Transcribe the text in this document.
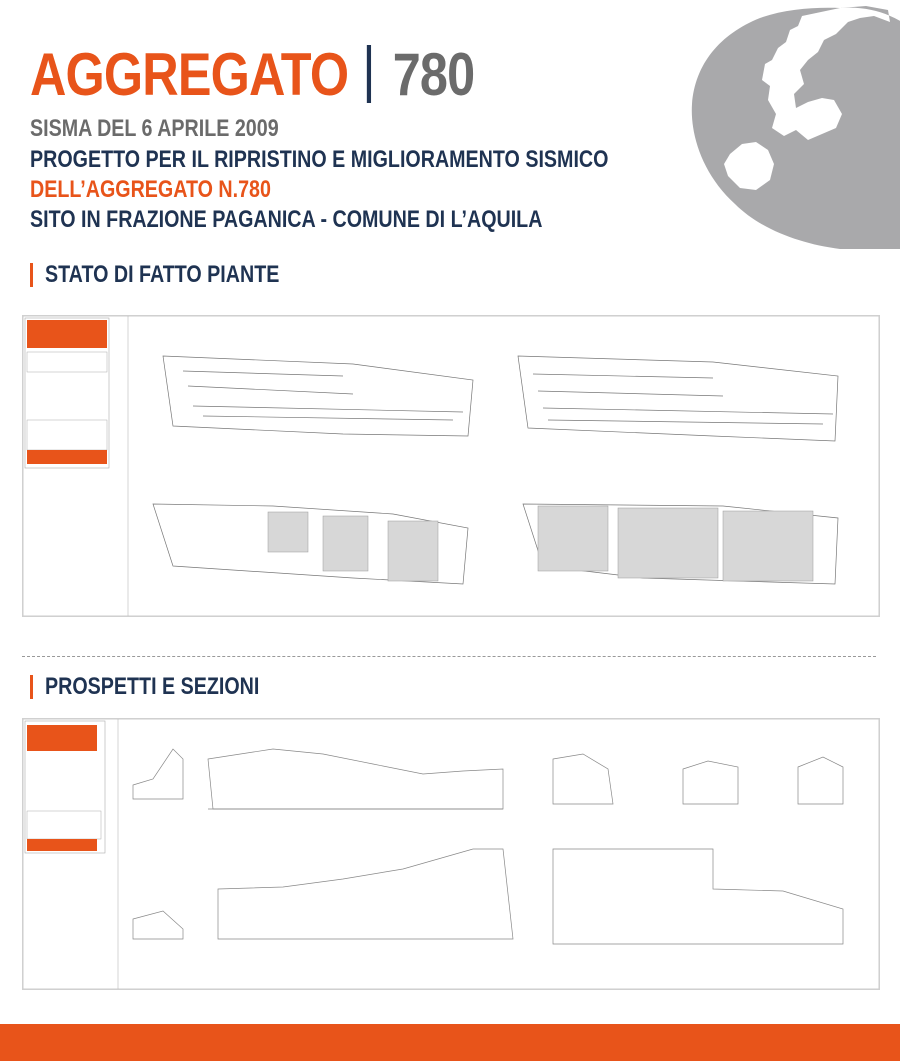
AGGREGATO 780
SISMA DEL 6 APRILE 2009
PROGETTO PER IL RIPRISTINO E MIGLIORAMENTO SISMICO
DELL’AGGREGATO N.780
SITO IN FRAZIONE PAGANICA - COMUNE DI L’AQUILA
STATO DI FATTO PIANTE
PROSPETTI E SEZIONI
